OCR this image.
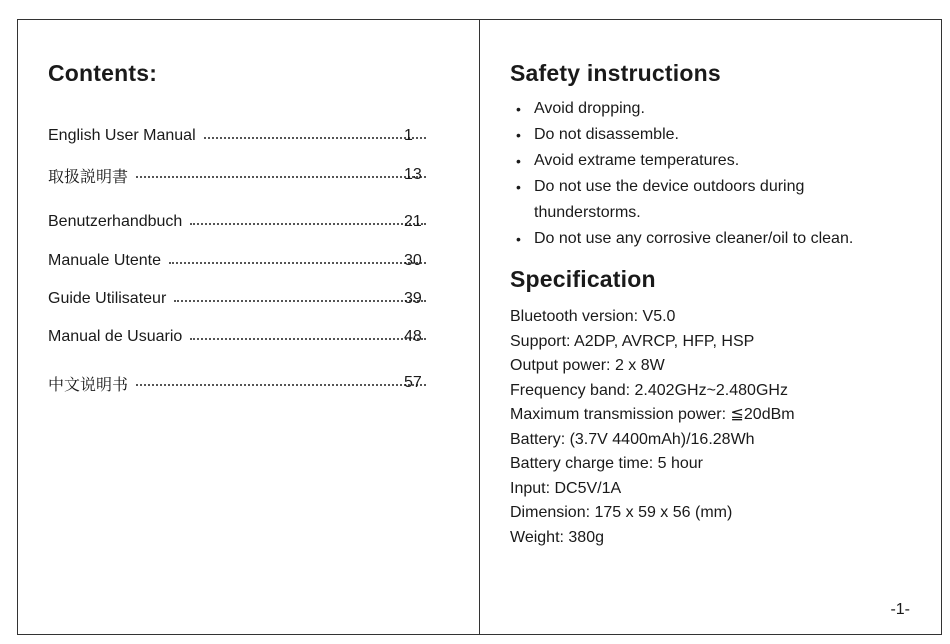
Contents:
English User Manual	1
取扱説明書	13
Benutzerhandbuch	21
Manuale Utente	30
Guide Utilisateur	39
Manual de Usuario	48
中文说明书	57
Safety instructions
• Avoid dropping.
• Do not disassemble.
• Avoid extrame temperatures.
• Do not use the device outdoors during thunderstorms.
• Do not use any corrosive cleaner/oil to clean.
Specification
Bluetooth version: V5.0
Support: A2DP, AVRCP, HFP, HSP
Output power: 2 x 8W
Frequency band: 2.402GHz~2.480GHz
Maximum transmission power: ≦20dBm
Battery: (3.7V 4400mAh)/16.28Wh
Battery charge time: 5 hour
Input: DC5V/1A
Dimension: 175 x 59 x 56 (mm)
Weight: 380g
-1-
